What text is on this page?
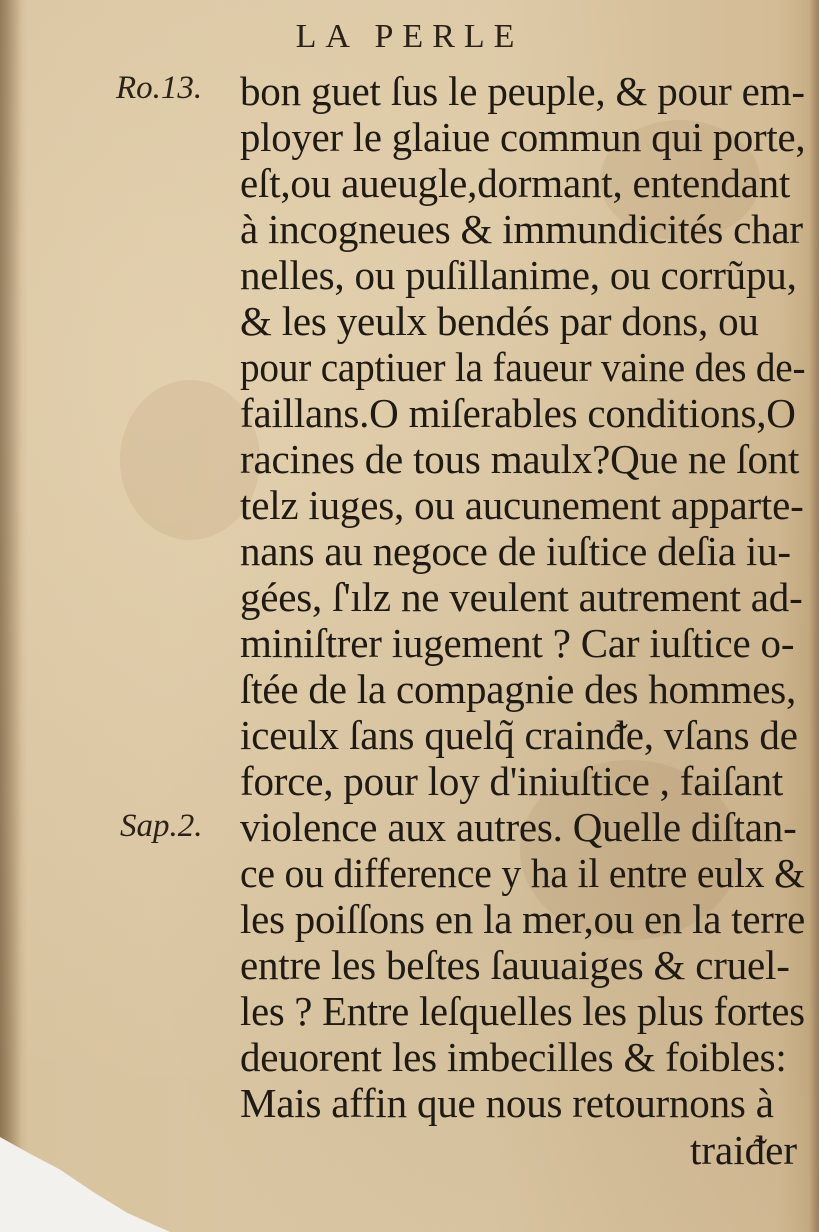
LA PERLE
Ro.13.
Sap.2.
bon guet ſus le peuple, & pour em-
ployer le glaiue commun qui porte,
eſt,ou aueugle,dormant, entendant
à incogneues & immundicités char
nelles, ou puſillanime, ou corrũpu,
& les yeulx bendés par dons, ou
pour captiuer la faueur vaine des de-
faillans.O miſerables conditions,O
racines de tous maulx?Que ne ſont
telz iuges, ou aucunement apparte-
nans au negoce de iuſtice deſia iu-
gées, ſ'ılz ne veulent autrement ad-
miniſtrer iugement ? Car iuſtice o-
ſtée de la compagnie des hommes,
iceulx ſans quelq̃ crainᵭe, vſans de
force, pour loy d'iniuſtice , faiſant
violence aux autres. Quelle diſtan-
ce ou difference y ha il entre eulx &
les poiſſons en la mer,ou en la terre
entre les beſtes ſauuaiges & cruel-
les ? Entre leſquelles les plus fortes
deuorent les imbecilles & foibles:
Mais affin que nous retournons à
traiᵭer
